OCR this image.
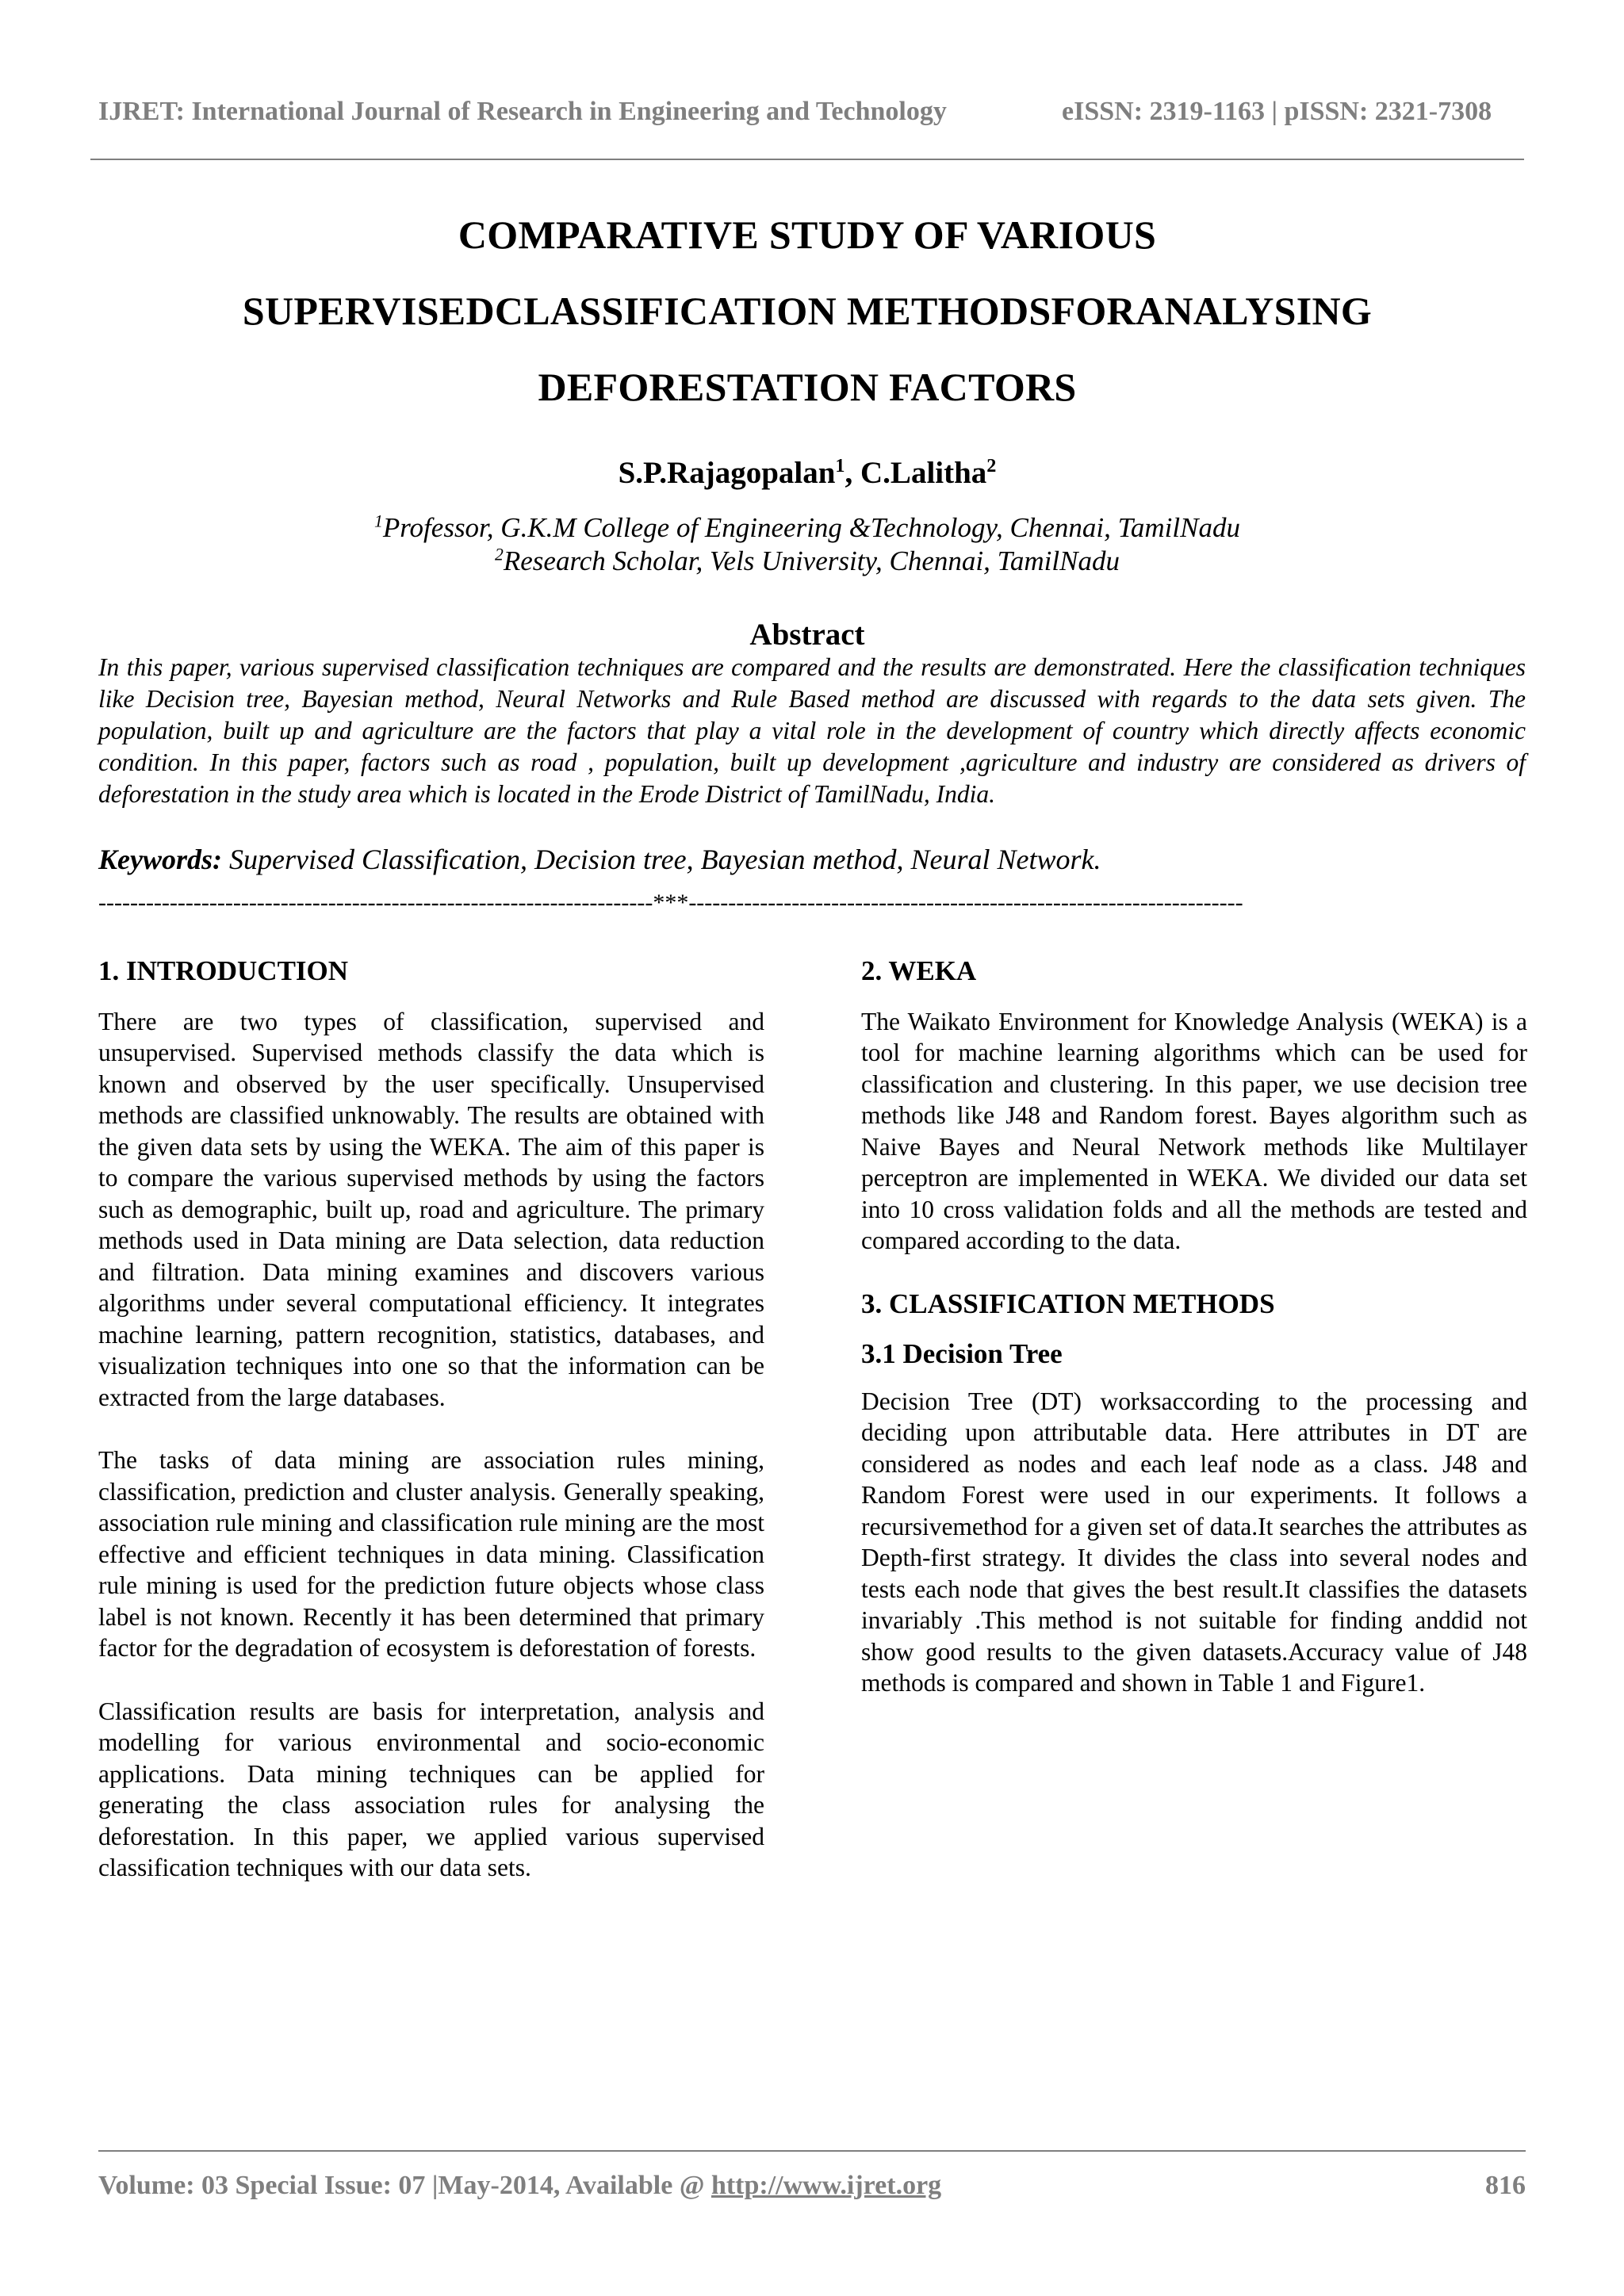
IJRET: International Journal of Research in Engineering and Technology	eISSN: 2319-1163 | pISSN: 2321-7308
COMPARATIVE STUDY OF VARIOUS
SUPERVISEDCLASSIFICATION METHODSFORANALYSING
DEFORESTATION FACTORS
S.P.Rajagopalan$^1$, C.Lalitha$^2$
$^1$Professor, G.K.M College of Engineering &Technology, Chennai, TamilNadu
$^2$Research Scholar, Vels University, Chennai, TamilNadu
Abstract
In this paper, various supervised classification techniques are compared and the results are demonstrated. Here the classification techniques like Decision tree, Bayesian method, Neural Networks and Rule Based method are discussed with regards to the data sets given. The population, built up and agriculture are the factors that play a vital role in the development of country which directly affects economic condition. In this paper, factors such as road , population, built up development ,agriculture and industry are considered as drivers of deforestation in the study area which is located in the Erode District of TamilNadu, India.
Keywords: Supervised Classification, Decision tree, Bayesian method, Neural Network.
----------------------------------------------------------------------***----------------------------------------------------------------------
1. INTRODUCTION

There are two types of classification, supervised and unsupervised. Supervised methods classify the data which is known and observed by the user specifically. Unsupervised methods are classified unknowably. The results are obtained with the given data sets by using the WEKA. The aim of this paper is to compare the various supervised methods by using the factors such as demographic, built up, road and agriculture. The primary methods used in Data mining are Data selection, data reduction and filtration. Data mining examines and discovers various algorithms under several computational efficiency. It integrates machine learning, pattern recognition, statistics, databases, and visualization techniques into one so that the information can be extracted from the large databases.

The tasks of data mining are association rules mining, classification, prediction and cluster analysis. Generally speaking, association rule mining and classification rule mining are the most effective and efficient techniques in data mining. Classification rule mining is used for the prediction future objects whose class label is not known. Recently it has been determined that primary factor for the degradation of ecosystem is deforestation of forests.

Classification results are basis for interpretation, analysis and modelling for various environmental and socio-economic applications. Data mining techniques can be applied for generating the class association rules for analysing the deforestation. In this paper, we applied various supervised classification techniques with our data sets.

2. WEKA

The Waikato Environment for Knowledge Analysis (WEKA) is a tool for machine learning algorithms which can be used for classification and clustering. In this paper, we use decision tree methods like J48 and Random forest. Bayes algorithm such as Naive Bayes and Neural Network methods like Multilayer perceptron are implemented in WEKA. We divided our data set into 10 cross validation folds and all the methods are tested and compared according to the data.

3. CLASSIFICATION METHODS
3.1 Decision Tree

Decision Tree (DT) worksaccording to the processing and deciding upon attributable data. Here attributes in DT are considered as nodes and each leaf node as a class. J48 and Random Forest were used in our experiments. It follows a recursivemethod for a given set of data.It searches the attributes as Depth-first strategy. It divides the class into several nodes and tests each node that gives the best result.It classifies the datasets invariably .This method is not suitable for finding anddid not show good results to the given datasets.Accuracy value of J48 methods is compared and shown in Table 1 and Figure1.

Volume: 03 Special Issue: 07 |May-2014, Available @ http://www.ijret.org	816
